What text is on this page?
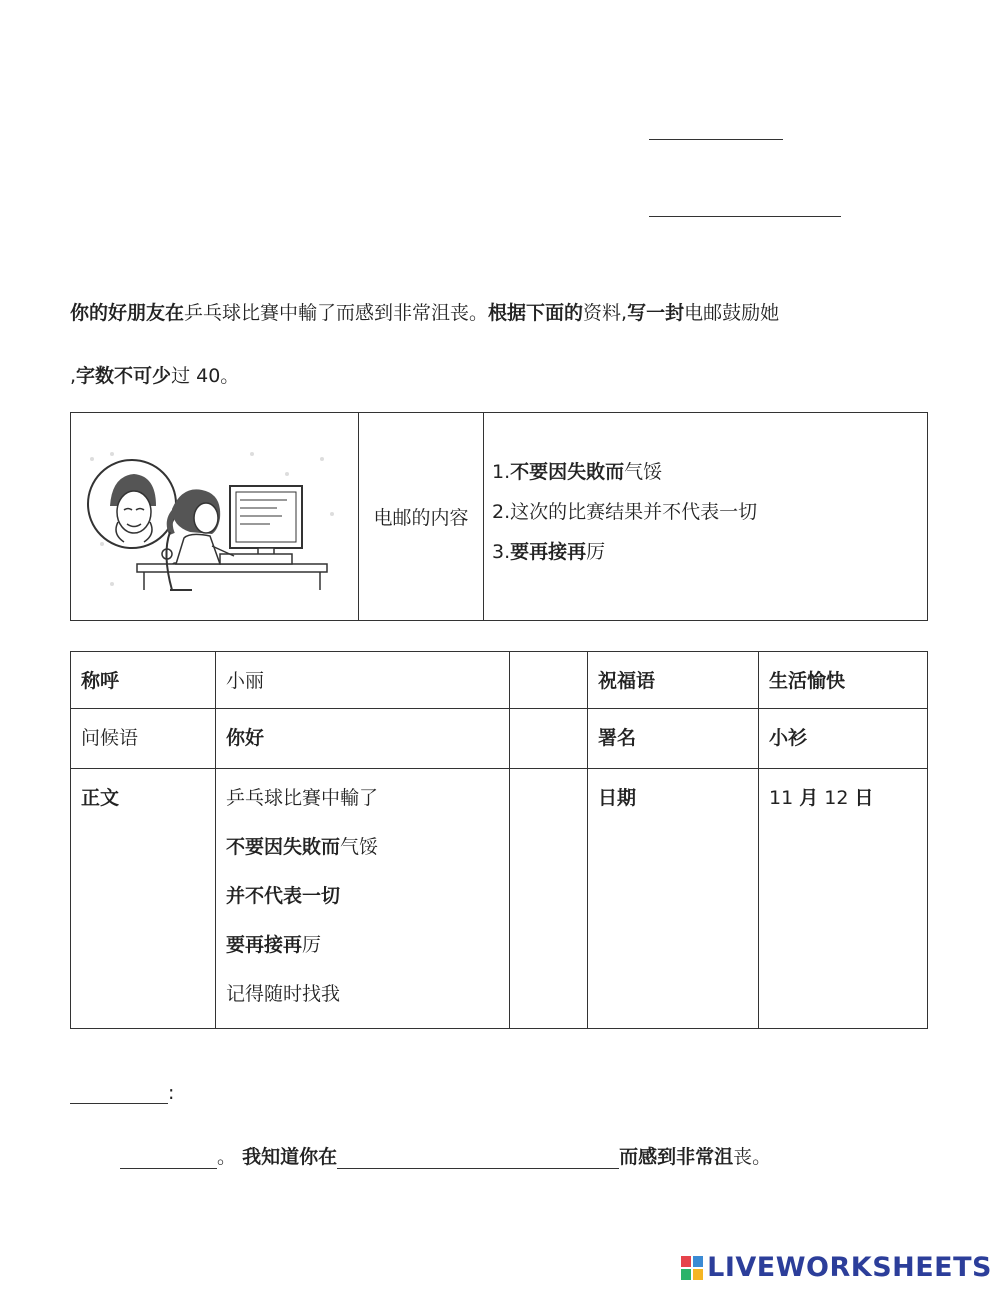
你的好朋友在乒乓球比賽中輸了而感到非常沮丧。根据下面的资料,写一封电邮鼓励她
,字数不可少过 40。
	电邮的内容	
1.不要因失敗而气馁
2.这次的比赛结果并不代表一切
3.要再接再厉
称呼	小丽		祝福语	生活愉快
问候语	你好		署名	小衫
正文	乒乓球比賽中輸了
不要因失敗而气馁
并不代表一切
要再接再厉
记得随时找我		日期	11 月 12 日
:
。 我知道你在	而感到非常沮丧。
LIVEWORKSHEETS
